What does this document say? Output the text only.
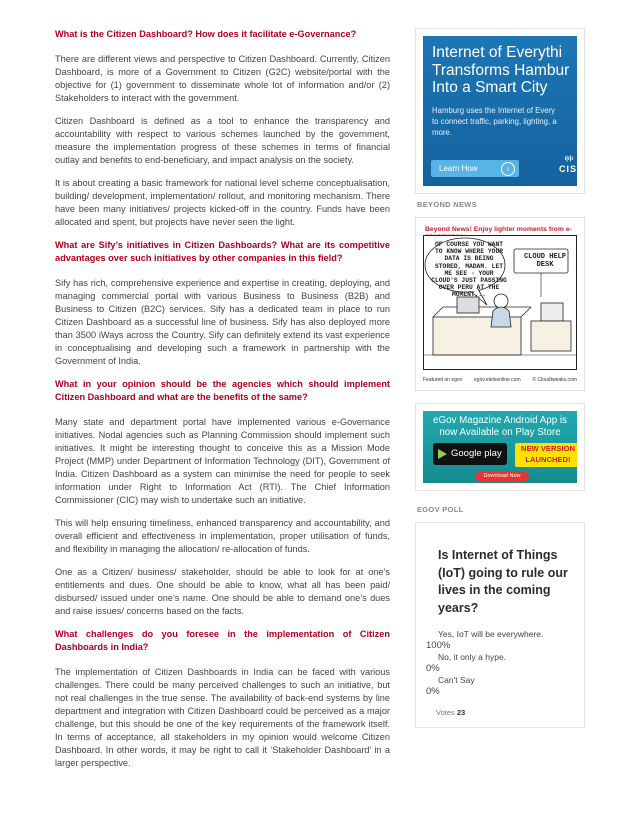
What is the Citizen Dashboard? How does it facilitate e-Governance?
There are different views and perspective to Citizen Dashboard. Currently, Citizen Dashboard, is more of a Government to Citizen (G2C) website/portal with the objective for (1) government to disseminate whole lot of information and/or (2) Stakeholders to interact with the government.
Citizen Dashboard is defined as a tool to enhance the transparency and accountability with respect to various schemes launched by the government, measure the implementation progress of these schemes in terms of financial outlay and benefits to end-beneficiary, and impact analysis on the society.
It is about creating a basic framework for national level scheme conceptualisation, building/ development, implementation/ rollout, and monitoring mechanism. There have been many initiatives/ projects kicked-off in the country. Funds have been allocated and spent, but projects have never seen the light.
What are Sify’s initiatives in Citizen Dashboards? What are its competitive advantages over such initiatives by other companies in this field?
Sify has rich, comprehensive experience and expertise in creating, deploying, and managing commercial portal with various Business to Business (B2B) and Business to Citizen (B2C) services. Sify has a dedicated team in place to run Citizen Dashboard as a successful line of business. Sify has also deployed more than 3500 iWays across the Country. Sify can definitely extend its vast experience in conceptualising and developing such a framework in partnership with the Government of India.
What in your opinion should be the agencies which should implement Citizen Dashboard and what are the benefits of the same?
Many state and department portal have implemented various e-Governance initiatives. Nodal agencies such as Planning Commission should implement such initiatives. It might be interesting thought to conceive this as a Mission Mode Project (MMP) under Department of Information Technology (DIT), Government of India. Citizen Dashboard as a system can minimise the need for people to seek information under Right to Information Act (RTI). The Chief Information Commissioner (CIC) may wish to undertake such an initiative.
This will help ensuring timeliness, enhanced transparency and accountability, and overall efficient and effectiveness in implementation, proper utilisation of funds, and flexibility in managing the allocation/ re-allocation of funds.
One as a Citizen/ business/ stakeholder, should be able to look for at one’s entitlements and dues. One should be able to know, what all has been paid/ disbursed/ issued under one’s name. One should be able to demand one’s dues and raise issues/ concerns based on the facts.
What challenges do you foresee in the implementation of Citizen Dashboards in India?
The implementation of Citizen Dashboards in India can be faced with various challenges. There could be many perceived challenges to such an initiative, but not real challenges in the true sense. The availability of back-end systems by line department and integration with Citizen Dashboard could be perceived as a major challenge, but this should be one of the key requirements of the framework itself. In terms of acceptance, all stakeholders in my opinion would welcome Citizen Dashboard. In other words, it may be right to call it ‘Stakeholder Dashboard’ in a larger perspective.
Internet of Everythi
Transforms Hambur
Into a Smart City
Hamburg uses the Internet of Every
to connect traffic, parking, lighting, a
more.
Learn How	›
ı|ı|ı
CIS
BEYOND NEWS
Beyond News! Enjoy lighter moments from e-
OF COURSE YOU WANT TO KNOW WHERE YOUR DATA IS BEING STORED, MADAM. LET ME SEE - YOUR CLOUD'S JUST PASSING OVER PERU AT THE MOMENT...
CLOUD HELP DESK
Featured on egov egov.eletsonline.com © Cloudtweaks.com
eGov Magazine Android App is
now Available on Play Store
Google play	NEW VERSION
LAUNCHED!
Download Now
EGOV POLL
Is Internet of Things (IoT) going to rule our lives in the coming years?
Yes, IoT will be everywhere.
100%
No, it only a hype.
0%
Can't Say
0%
Votes 23
